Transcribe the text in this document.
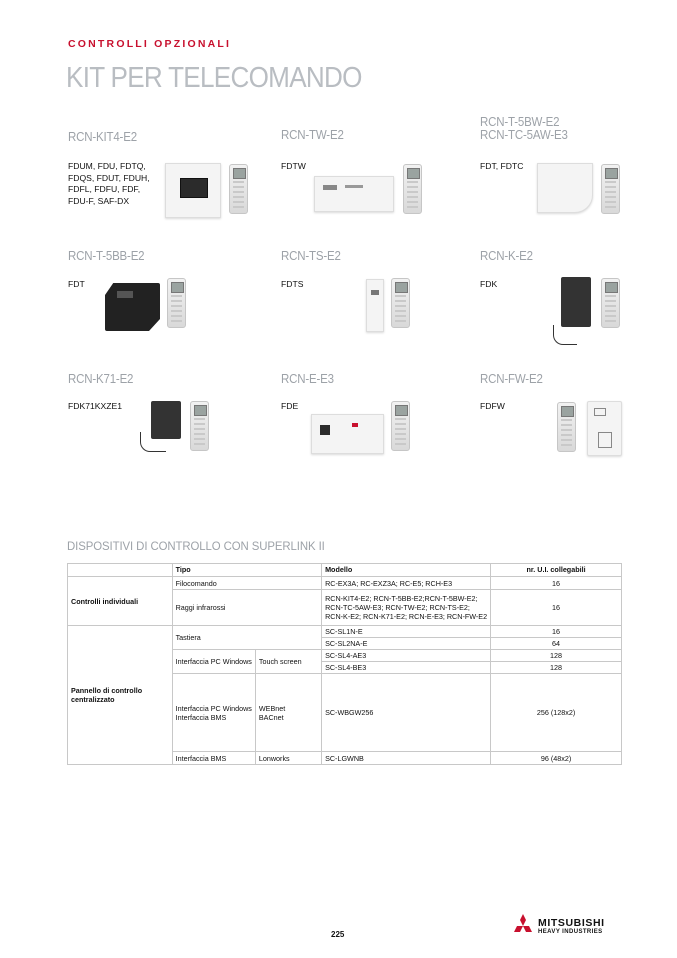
CONTROLLI OPZIONALI
KIT PER TELECOMANDO
RCN-KIT4-E2
FDUM, FDU, FDTQ,
FDQS, FDUT, FDUH,
FDFL, FDFU, FDF,
FDU-F, SAF-DX
RCN-TW-E2
FDTW
RCN-T-5BW-E2
RCN-TC-5AW-E3
FDT, FDTC
RCN-T-5BB-E2
FDT
RCN-TS-E2
FDTS
RCN-K-E2
FDK
RCN-K71-E2
FDK71KXZE1
RCN-E-E3
FDE
RCN-FW-E2
FDFW
DISPOSITIVI DI CONTROLLO CON SUPERLINK II
	Tipo		Modello	nr. U.I. collegabili
Controlli individuali	Filocomando		RC-EX3A; RC-EXZ3A; RC-E5; RCH-E3	16
	Raggi infrarossi		RCN-KIT4-E2; RCN-T-5BB-E2;RCN-T-5BW-E2;
RCN-TC-5AW-E3; RCN-TW-E2; RCN-TS-E2;
RCN-K-E2; RCN-K71-E2; RCN-E-E3; RCN-FW-E2	16
Pannello di controllo
centralizzato	Tastiera		SC-SL1N-E	16
			SC-SL2NA-E	64
	Interfaccia PC Windows	Touch screen	SC-SL4-AE3	128
			SC-SL4-BE3	128
	Interfaccia PC Windows
Interfaccia BMS	WEBnet
BACnet	SC-WBGW256	256 (128x2)
	Interfaccia BMS	Lonworks	SC-LGWNB	96 (48x2)
225
MITSUBISHI
HEAVY INDUSTRIES
